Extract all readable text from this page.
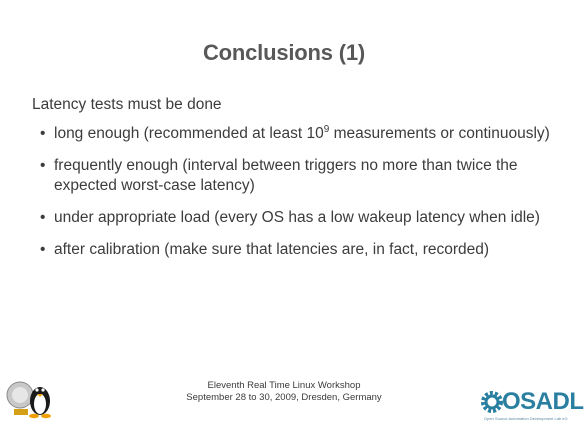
Conclusions (1)
Latency tests must be done
• long enough (recommended at least $10^9$ measurements or continuously)
• frequently enough (interval between triggers no more than twice the expected worst-case latency)
• under appropriate load (every OS has a low wakeup latency when idle)
• after calibration (make sure that latencies are, in fact, recorded)
Eleventh Real Time Linux Workshop
September 28 to 30, 2009, Dresden, Germany	OSADL
Open Source Automation Development Lab eG
